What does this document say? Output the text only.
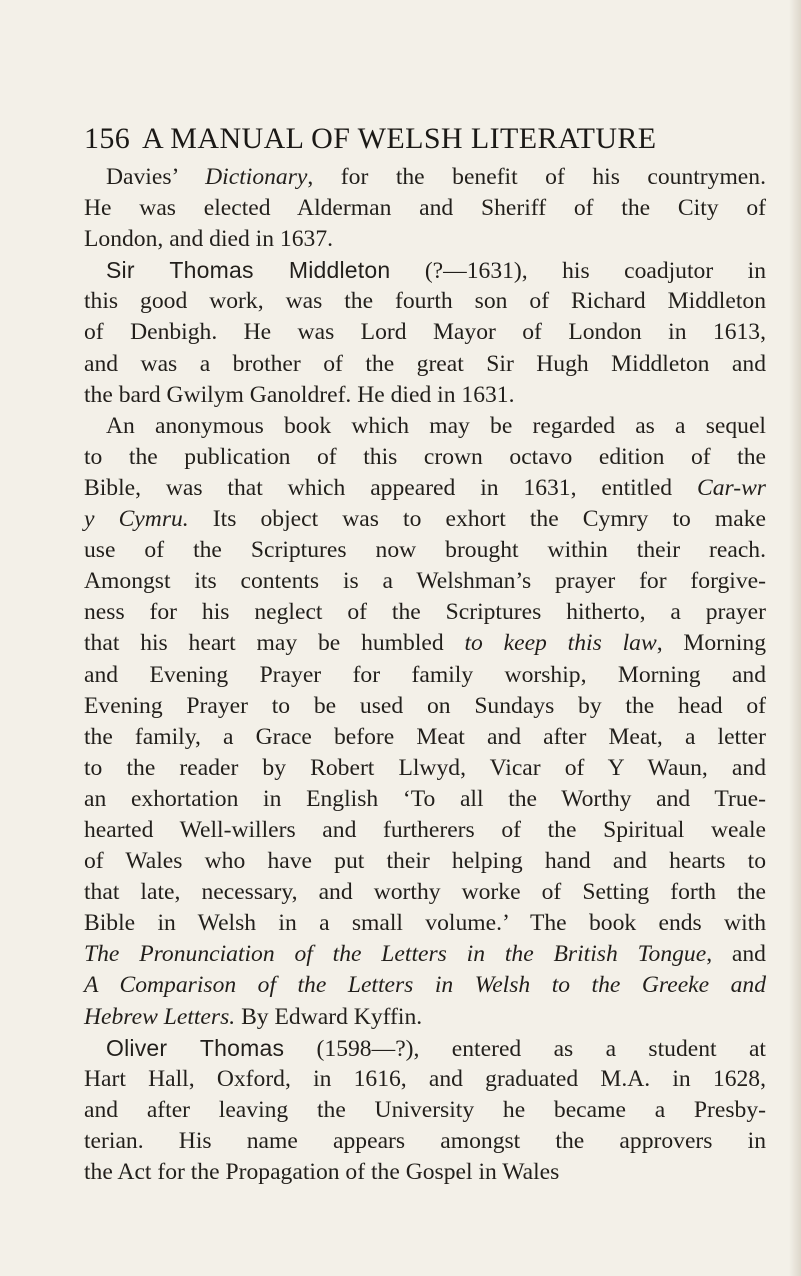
156 A MANUAL OF WELSH LITERATURE
Davies’ Dictionary, for the benefit of his countrymen.
He was elected Alderman and Sheriff of the City of
London, and died in 1637.
Sir Thomas Middleton (?—1631), his coadjutor in
this good work, was the fourth son of Richard Middleton
of Denbigh. He was Lord Mayor of London in 1613,
and was a brother of the great Sir Hugh Middleton and
the bard Gwilym Ganoldref. He died in 1631.
An anonymous book which may be regarded as a sequel
to the publication of this crown octavo edition of the
Bible, was that which appeared in 1631, entitled Car-wr
y Cymru. Its object was to exhort the Cymry to make
use of the Scriptures now brought within their reach.
Amongst its contents is a Welshman’s prayer for forgive-
ness for his neglect of the Scriptures hitherto, a prayer
that his heart may be humbled to keep this law, Morning
and Evening Prayer for family worship, Morning and
Evening Prayer to be used on Sundays by the head of
the family, a Grace before Meat and after Meat, a letter
to the reader by Robert Llwyd, Vicar of Y Waun, and
an exhortation in English ‘To all the Worthy and True-
hearted Well-willers and furtherers of the Spiritual weale
of Wales who have put their helping hand and hearts to
that late, necessary, and worthy worke of Setting forth the
Bible in Welsh in a small volume.’ The book ends with
The Pronunciation of the Letters in the British Tongue, and
A Comparison of the Letters in Welsh to the Greeke and
Hebrew Letters. By Edward Kyffin.
Oliver Thomas (1598—?), entered as a student at
Hart Hall, Oxford, in 1616, and graduated M.A. in 1628,
and after leaving the University he became a Presby-
terian. His name appears amongst the approvers in
the Act for the Propagation of the Gospel in Wales
